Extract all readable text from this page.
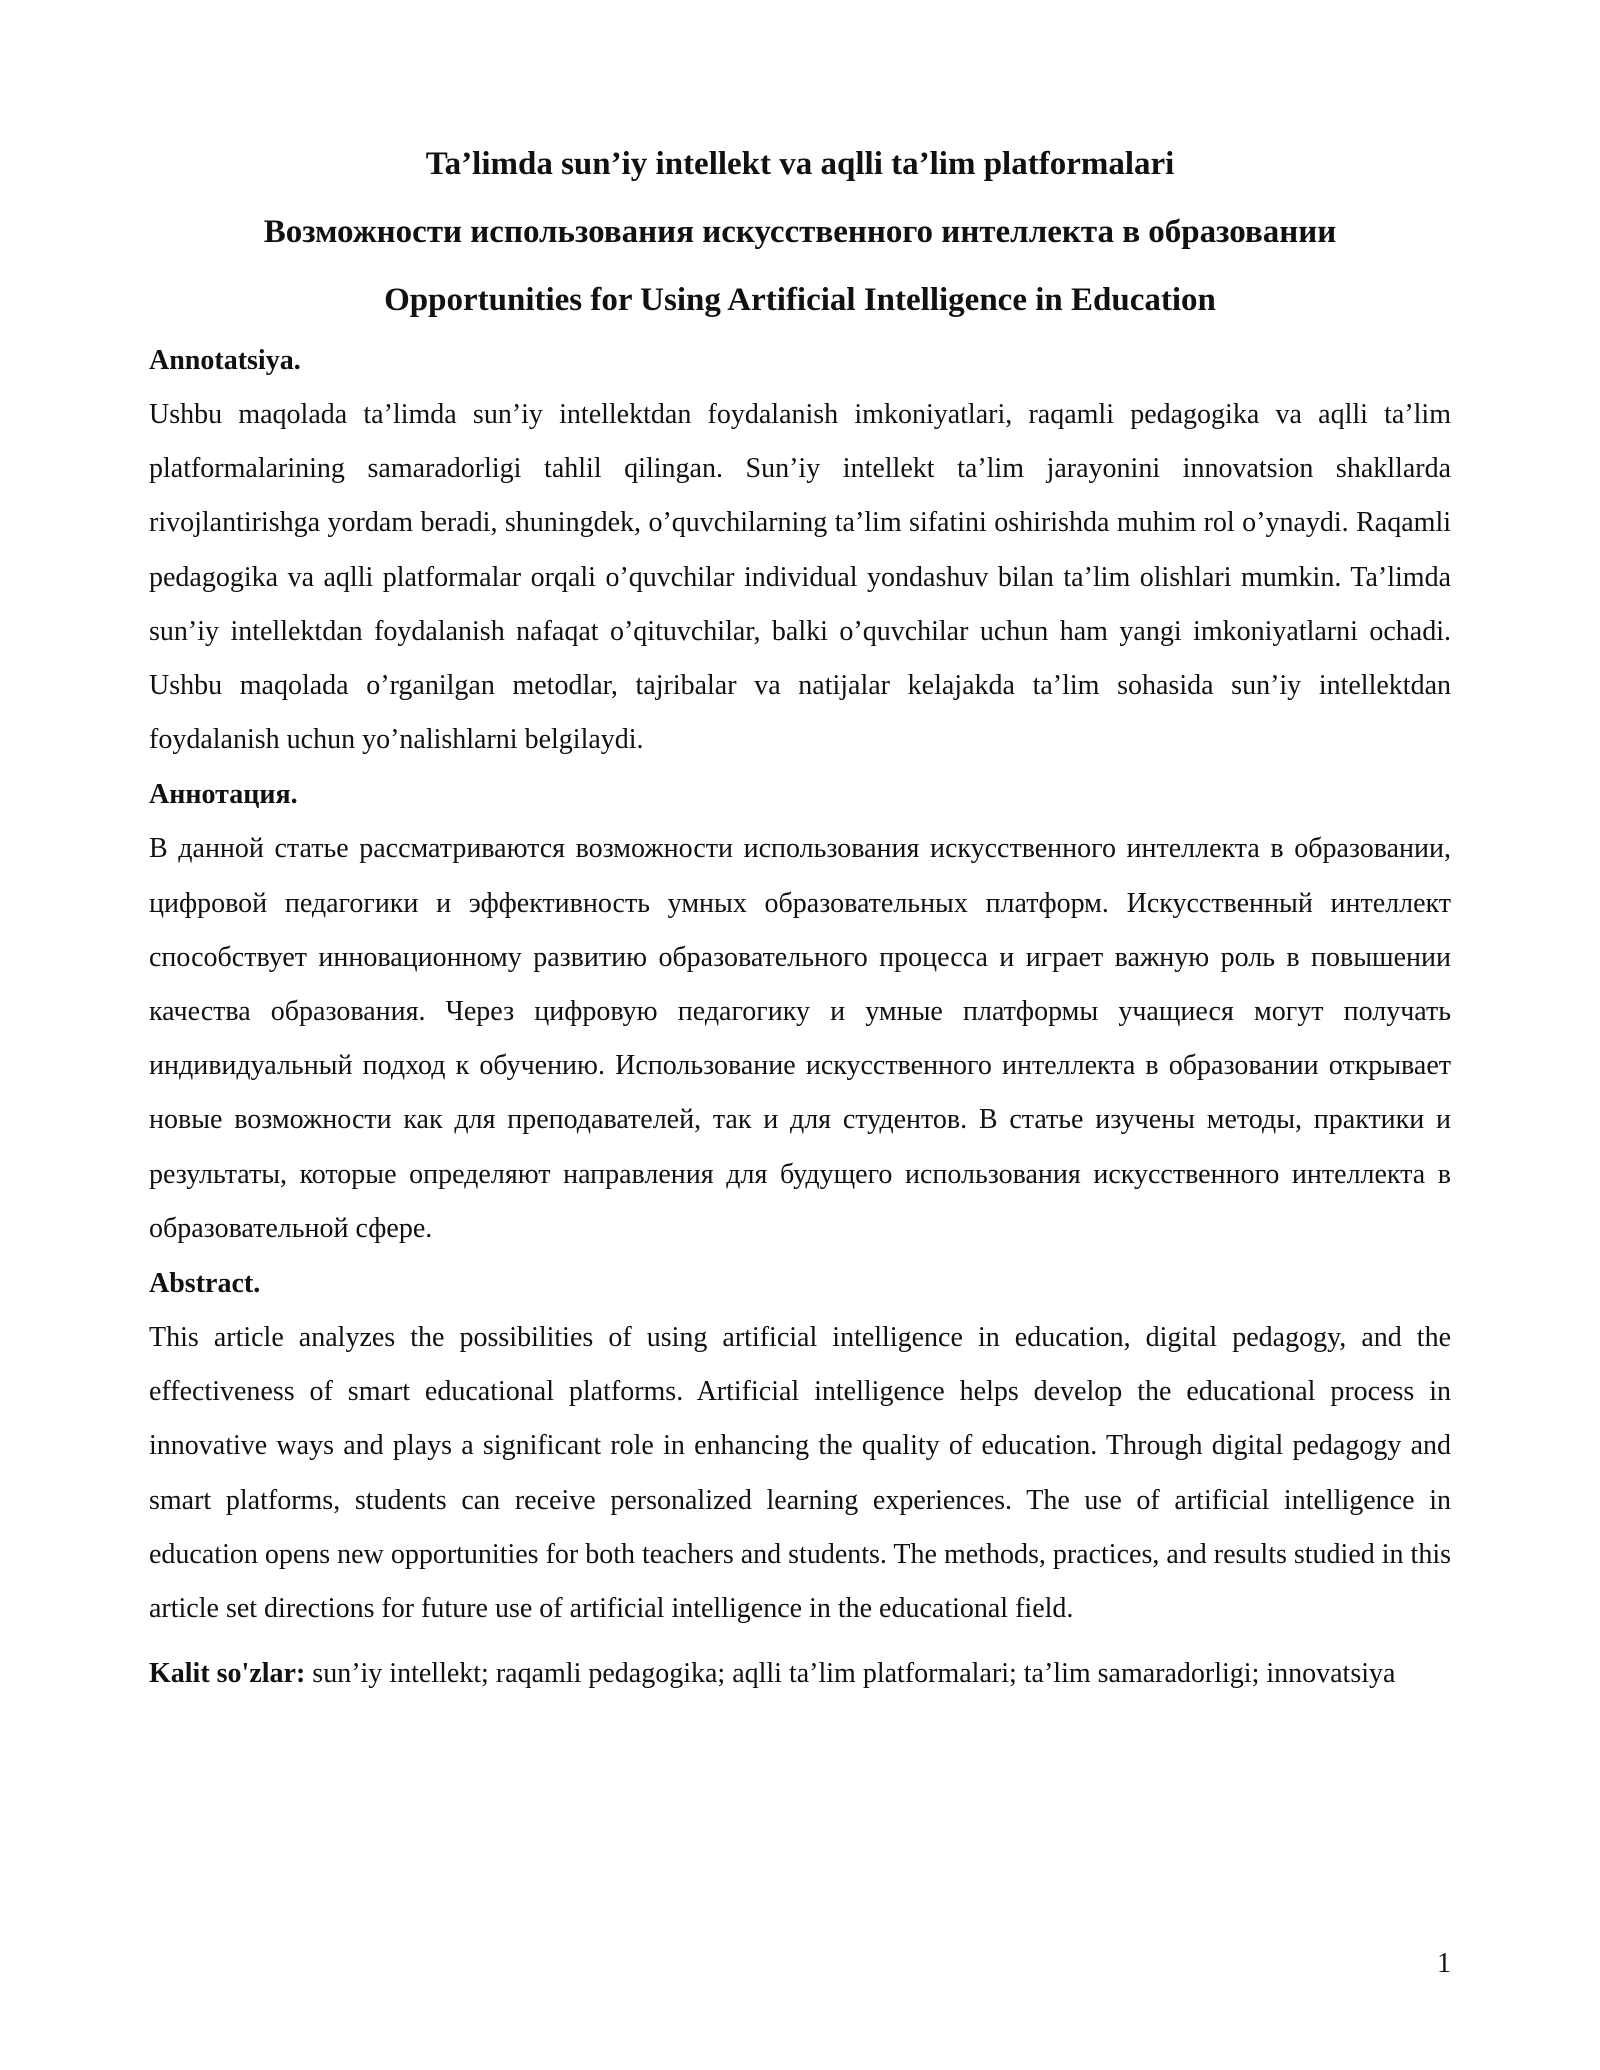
Ta’limda sun’iy intellekt va aqlli ta’lim platformalari
Возможности использования искусственного интеллекта в образовании
Opportunities for Using Artificial Intelligence in Education
Annotatsiya.

Ushbu maqolada ta’limda sun’iy intellektdan foydalanish imkoniyatlari, raqamli pedagogika va aqlli ta’lim platformalarining samaradorligi tahlil qilingan. Sun’iy intellekt ta’lim jarayonini innovatsion shakllarda rivojlantirishga yordam beradi, shuningdek, o’quvchilarning ta’lim sifatini oshirishda muhim rol o’ynaydi. Raqamli pedagogika va aqlli platformalar orqali o’quvchilar individual yondashuv bilan ta’lim olishlari mumkin. Ta’limda sun’iy intellektdan foydalanish nafaqat o’qituvchilar, balki o’quvchilar uchun ham yangi imkoniyatlarni ochadi. Ushbu maqolada o’rganilgan metodlar, tajribalar va natijalar kelajakda ta’lim sohasida sun’iy intellektdan foydalanish uchun yo’nalishlarni belgilaydi.

Аннотация.

В данной статье рассматриваются возможности использования искусственного интеллекта в образовании, цифровой педагогики и эффективность умных образовательных платформ. Искусственный интеллект способствует инновационному развитию образовательного процесса и играет важную роль в повышении качества образования. Через цифровую педагогику и умные платформы учащиеся могут получать индивидуальный подход к обучению. Использование искусственного интеллекта в образовании открывает новые возможности как для преподавателей, так и для студентов. В статье изучены методы, практики и результаты, которые определяют направления для будущего использования искусственного интеллекта в образовательной сфере.

Abstract.

This article analyzes the possibilities of using artificial intelligence in education, digital pedagogy, and the effectiveness of smart educational platforms. Artificial intelligence helps develop the educational process in innovative ways and plays a significant role in enhancing the quality of education. Through digital pedagogy and smart platforms, students can receive personalized learning experiences. The use of artificial intelligence in education opens new opportunities for both teachers and students. The methods, practices, and results studied in this article set directions for future use of artificial intelligence in the educational field.

Kalit so'zlar: sun’iy intellekt; raqamli pedagogika; aqlli ta’lim platformalari; ta’lim samaradorligi; innovatsiya

1
